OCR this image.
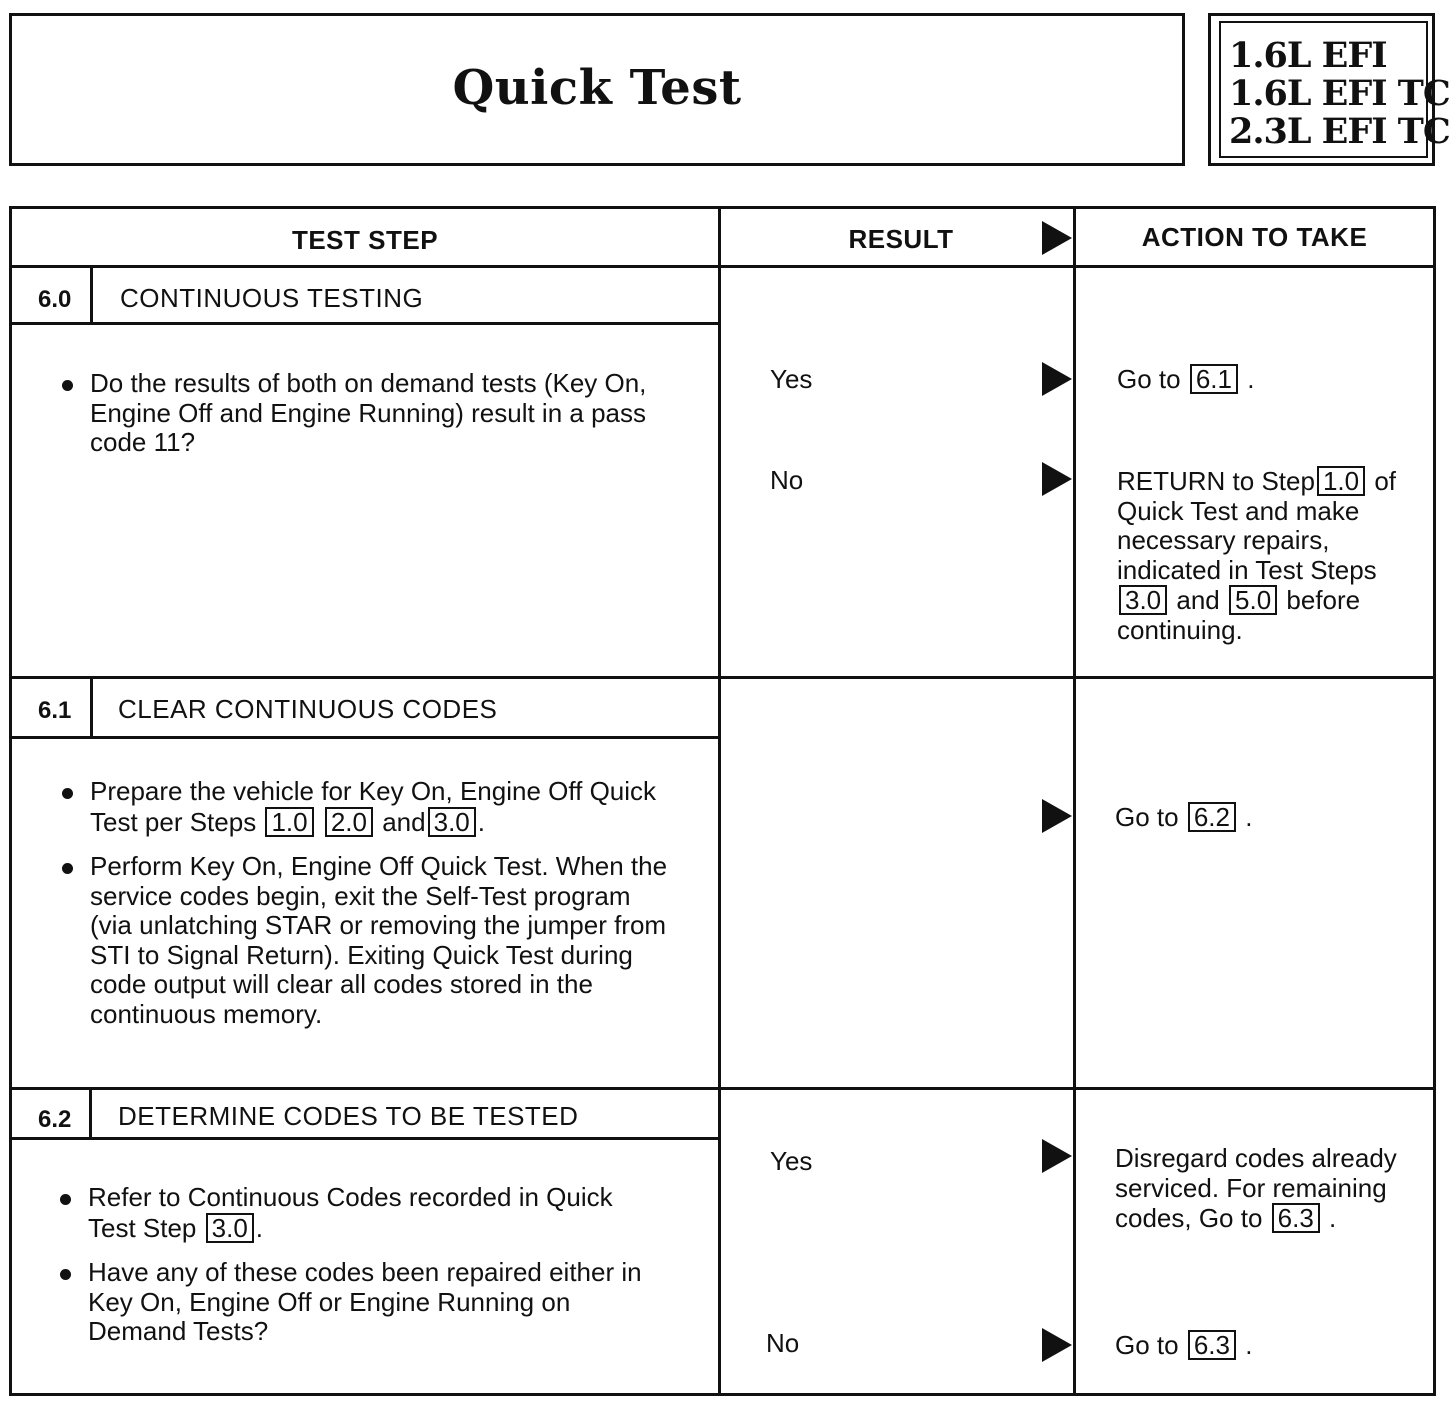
Quick Test
1.6L EFI
1.6L EFI TC
2.3L EFI TC
TEST STEP	RESULT	ACTION TO TAKE
6.0 CONTINUOUS TESTING
Do the results of both on demand tests (Key On, Engine Off and Engine Running) result in a pass code 11?
Yes	Go to 6.1 .
No	RETURN to Step 1.0 of Quick Test and make necessary repairs, indicated in Test Steps3.0 and 5.0 before continuing.
6.1 CLEAR CONTINUOUS CODES
Prepare the vehicle for Key On, Engine Off Quick Test per Steps 1.0 2.0 and 3.0 .
Perform Key On, Engine Off Quick Test. When the service codes begin, exit the Self-Test program (via unlatching STAR or removing the jumper from STI to Signal Return). Exiting Quick Test during code output will clear all codes stored in the continuous memory.
Go to 6.2 .
6.2 DETERMINE CODES TO BE TESTED
Refer to Continuous Codes recorded in Quick Test Step 3.0 .
Have any of these codes been repaired either in Key On, Engine Off or Engine Running on Demand Tests?
Yes	Disregard codes already serviced. For remaining codes, Go to 6.3 .
No	Go to 6.3 .
